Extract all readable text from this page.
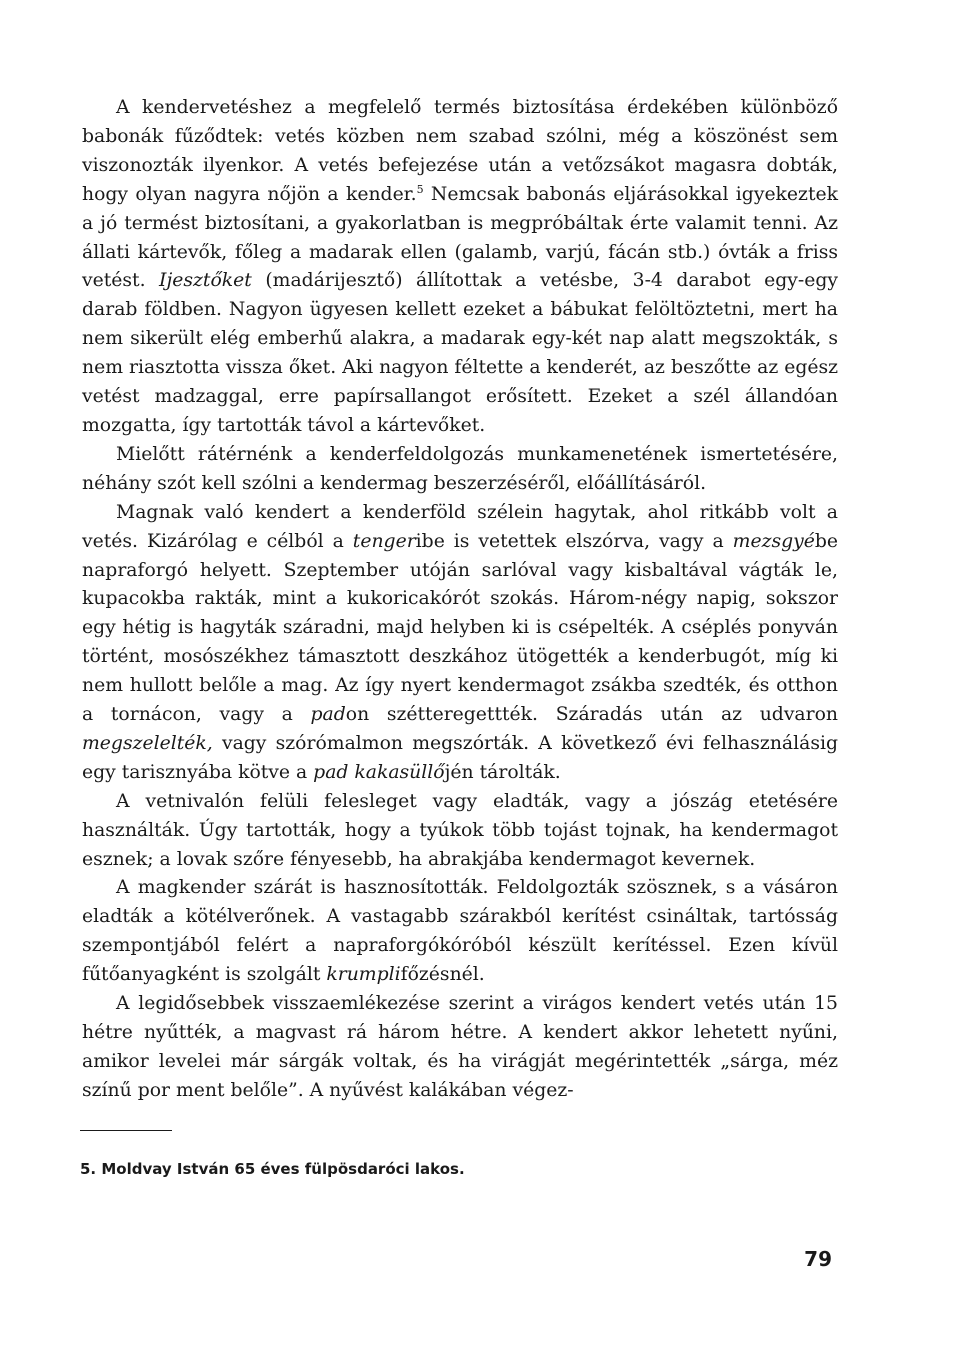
A kendervetéshez a megfelelő termés biztosítása érdekében különböző babonák fűződtek: vetés közben nem szabad szólni, még a köszönést sem viszonozták ilyenkor. A vetés befejezése után a vetőzsákot magasra dobták, hogy olyan nagyra nőjön a kender.$^5$ Nemcsak babonás eljárásokkal igyekeztek a jó termést biztosítani, a gyakorlatban is megpróbáltak érte valamit tenni. Az állati kártevők, főleg a madarak ellen (galamb, varjú, fácán stb.) óvták a friss vetést. Ijesztőket (madárijesztő) állítottak a vetésbe, 3-4 darabot egy-egy darab földben. Nagyon ügyesen kellett ezeket a bábukat felöltöztetni, mert ha nem sikerült elég emberhű alakra, a madarak egy-két nap alatt megszokták, s nem riasztotta vissza őket. Aki nagyon féltette a kenderét, az beszőtte az egész vetést madzaggal, erre papírsallangot erősített. Ezeket a szél állandóan mozgatta, így tartották távol a kártevőket.

Mielőtt rátérnénk a kenderfeldolgozás munkamenetének ismertetésére, néhány szót kell szólni a kendermag beszerzéséről, előállításáról.

Magnak való kendert a kenderföld szélein hagytak, ahol ritkább volt a vetés. Kizárólag e célból a tengeribe is vetettek elszórva, vagy a mezsgyébe napraforgó helyett. Szeptember utóján sarlóval vagy kisbaltával vágták le, kupacokba rakták, mint a kukoricakórót szokás. Három-négy napig, sokszor egy hétig is hagyták száradni, majd helyben ki is csépelték. A cséplés ponyván történt, mosószékhez támasztott deszkához ütögették a kenderbugót, míg ki nem hullott belőle a mag. Az így nyert kendermagot zsákba szedték, és otthon a tornácon, vagy a padon szétteregettték. Száradás után az udvaron megszelelték, vagy szórómalmon megszórták. A következő évi felhasználásig egy tarisznyába kötve a pad kakasüllőjén tárolták.

A vetnivalón felüli felesleget vagy eladták, vagy a jószág etetésére használták. Úgy tartották, hogy a tyúkok több tojást tojnak, ha kendermagot esznek; a lovak szőre fényesebb, ha abrakjába kendermagot kevernek.

A magkender szárát is hasznosították. Feldolgozták szösznek, s a vásáron eladták a kötélverőnek. A vastagabb szárakból kerítést csináltak, tartósság szempontjából felért a napraforgókóróból készült kerítéssel. Ezen kívül fűtőanyagként is szolgált krumplifőzésnél.

A legidősebbek visszaemlékezése szerint a virágos kendert vetés után 15 hétre nyűtték, a magvast rá három hétre. A kendert akkor lehetett nyűni, amikor levelei már sárgák voltak, és ha virágját megérintették „sárga, méz színű por ment belőle”. A nyűvést kalákában végez-

5. Moldvay István 65 éves fülpösdaróci lakos.
79
